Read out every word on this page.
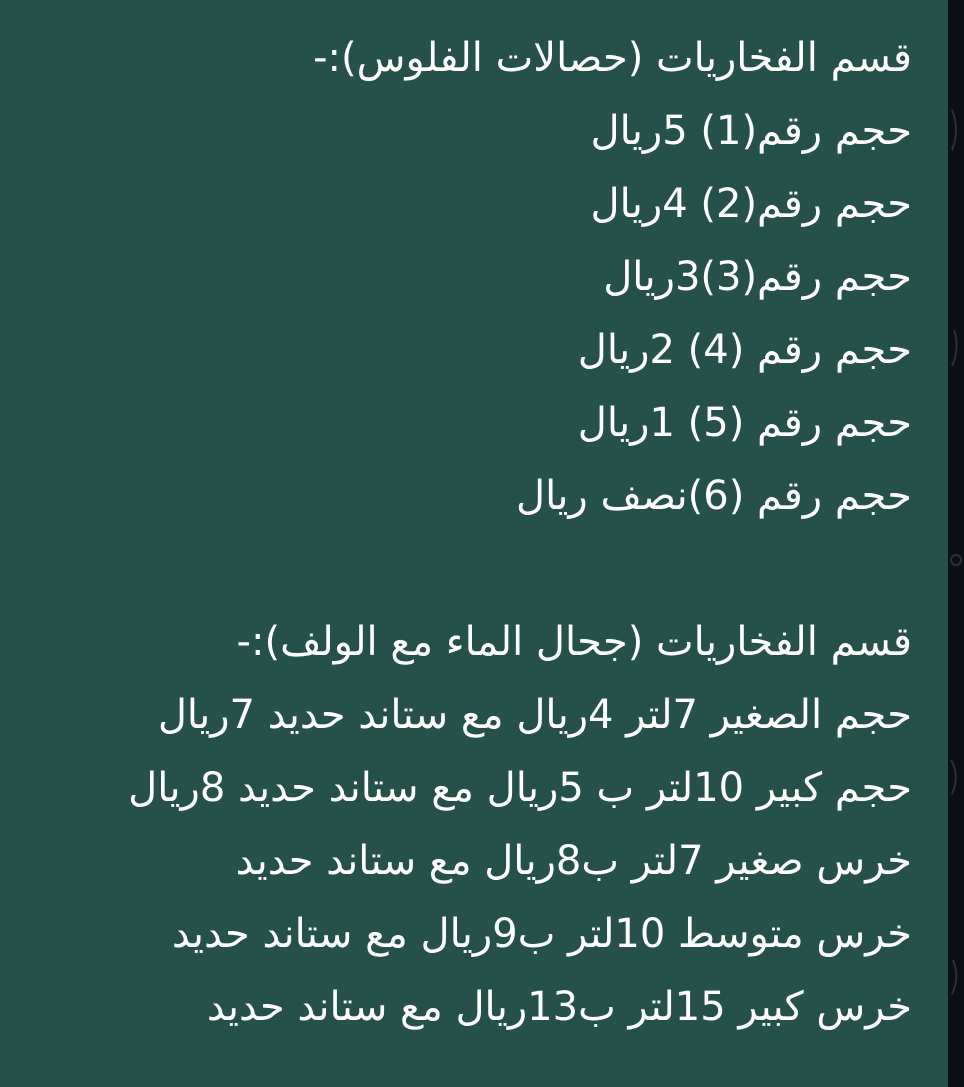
قسم الفخاريات (حصالات الفلوس):-
حجم رقم(1) 5ريال
حجم رقم(2) 4ريال
حجم رقم(3)3ريال
حجم رقم (4) 2ريال
حجم رقم (5) 1ريال
حجم رقم (6)نصف ريال
قسم الفخاريات (جحال الماء مع الولف):-
حجم الصغير 7لتر 4ريال مع ستاند حديد 7ريال
حجم كبير 10لتر ب 5ريال مع ستاند حديد 8ريال
خرس صغير 7لتر ب8ريال مع ستاند حديد
خرس متوسط 10لتر ب9ريال مع ستاند حديد
خرس كبير 15لتر ب13ريال مع ستاند حديد
